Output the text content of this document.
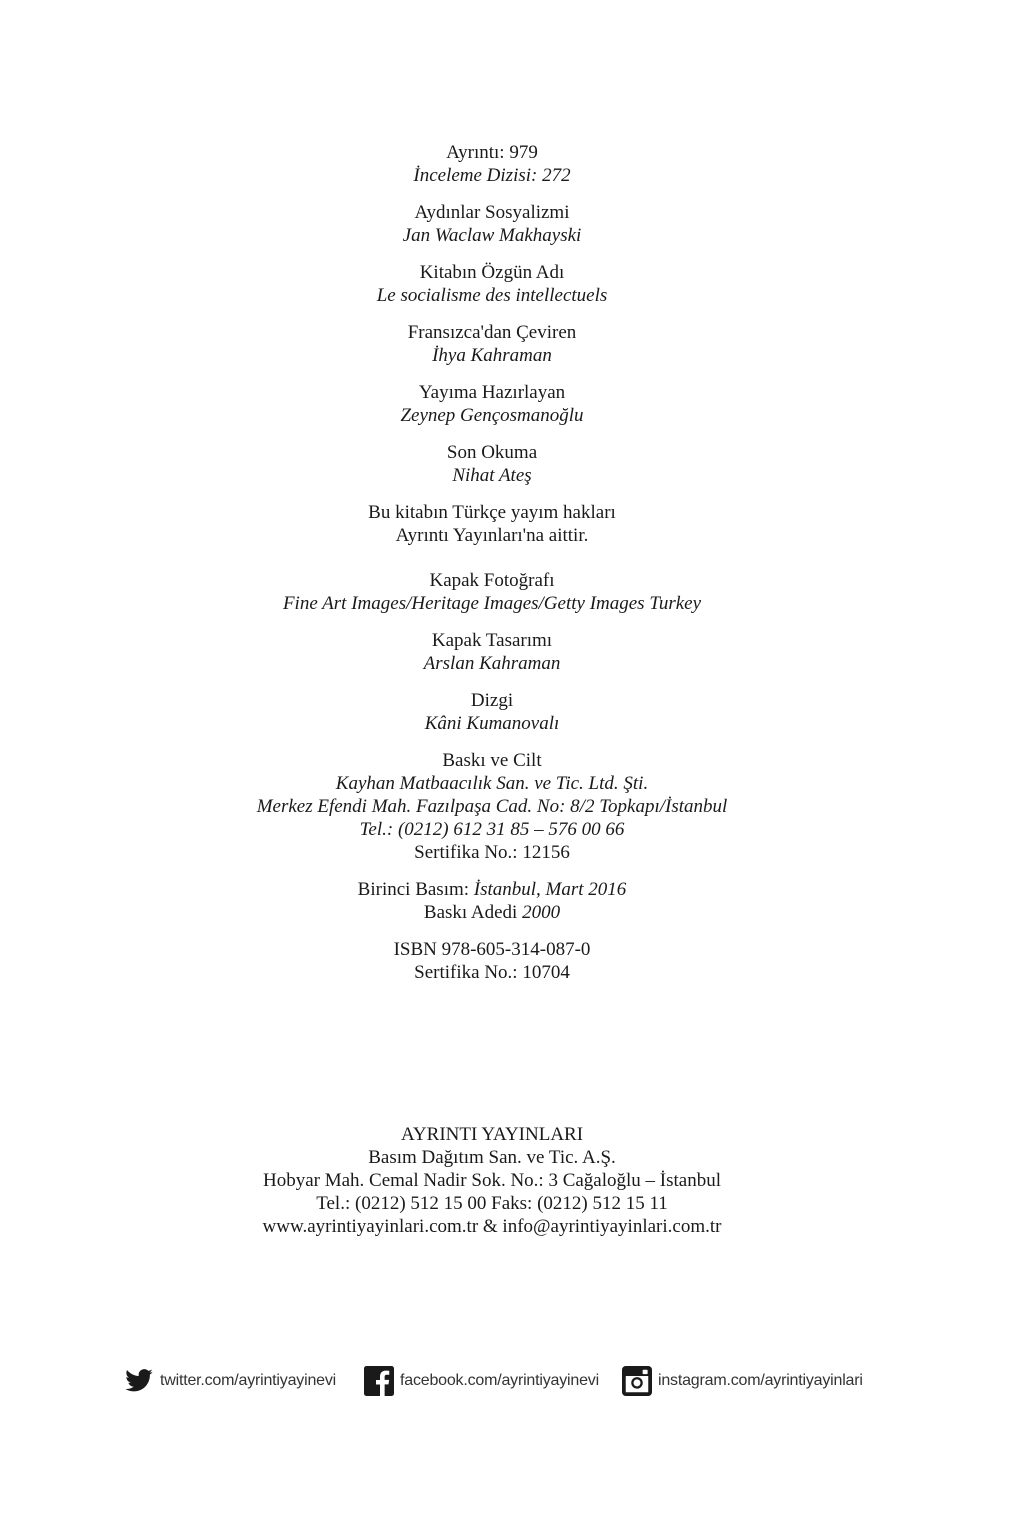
Ayrıntı: 979
İnceleme Dizisi: 272
Aydınlar Sosyalizmi
Jan Waclaw Makhayski
Kitabın Özgün Adı
Le socialisme des intellectuels
Fransızca'dan Çeviren
İhya Kahraman
Yayıma Hazırlayan
Zeynep Gençosmanoğlu
Son Okuma
Nihat Ateş
Bu kitabın Türkçe yayım hakları
Ayrıntı Yayınları'na aittir.
Kapak Fotoğrafı
Fine Art Images/Heritage Images/Getty Images Turkey
Kapak Tasarımı
Arslan Kahraman
Dizgi
Kâni Kumanovalı
Baskı ve Cilt
Kayhan Matbaacılık San. ve Tic. Ltd. Şti.
Merkez Efendi Mah. Fazılpaşa Cad. No: 8/2 Topkapı/İstanbul
Tel.: (0212) 612 31 85 – 576 00 66
Sertifika No.: 12156
Birinci Basım: İstanbul, Mart 2016
Baskı Adedi 2000
ISBN 978-605-314-087-0
Sertifika No.: 10704
AYRINTI YAYINLARI
Basım Dağıtım San. ve Tic. A.Ş.
Hobyar Mah. Cemal Nadir Sok. No.: 3 Cağaloğlu – İstanbul
Tel.: (0212) 512 15 00 Faks: (0212) 512 15 11
www.ayrintiyayinlari.com.tr & info@ayrintiyayinlari.com.tr
twitter.com/ayrintiyayinevi	facebook.com/ayrintiyayinevi	instagram.com/ayrintiyayinlari
